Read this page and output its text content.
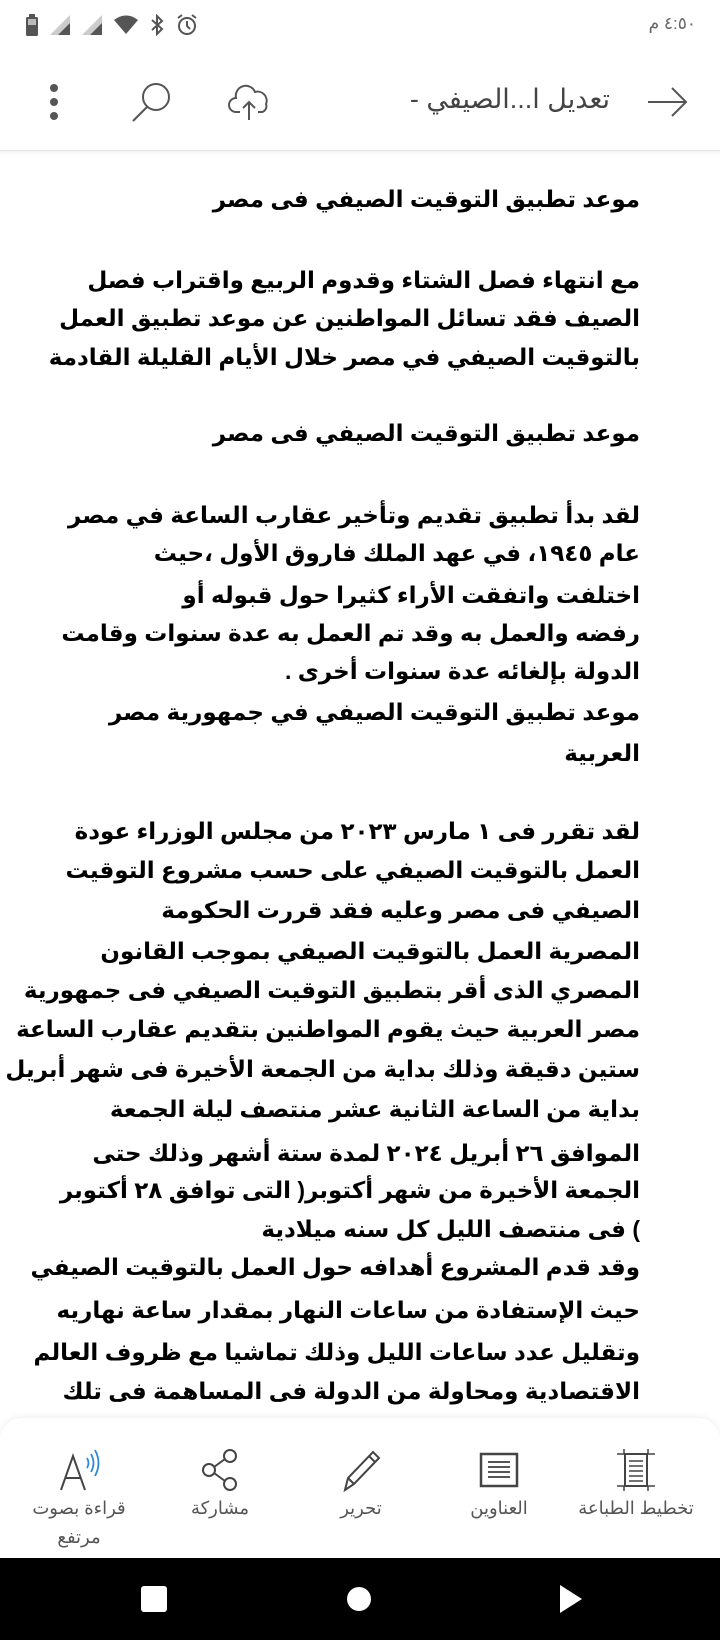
٤:٥٠ م
تعديل ا...الصيفي -
موعد تطبيق التوقيت الصيفي فى مصر
مع انتهاء فصل الشتاء وقدوم الربيع واقتراب فصل
الصيف فقد تسائل المواطنين عن موعد تطبيق العمل
بالتوقيت الصيفي في مصر خلال الأيام القليلة القادمة
موعد تطبيق التوقيت الصيفي فى مصر
لقد بدأ تطبيق تقديم وتأخير عقارب الساعة في مصر
عام ١٩٤٥، في عهد الملك فاروق الأول ،حيث
اختلفت واتفقت الأراء كثيرا حول قبوله أو
رفضه والعمل به وقد تم العمل به عدة سنوات وقامت
الدولة بإلغائه عدة سنوات أخرى .
موعد تطبيق التوقيت الصيفي في جمهورية مصر
العربية
لقد تقرر فى ١ مارس ٢٠٢٣ من مجلس الوزراء عودة
العمل بالتوقيت الصيفي على حسب مشروع التوقيت
الصيفي فى مصر وعليه فقد قررت الحكومة
المصرية العمل بالتوقيت الصيفي بموجب القانون
المصري الذى أقر بتطبيق التوقيت الصيفي فى جمهورية
مصر العربية حيث يقوم المواطنين بتقديم عقارب الساعة
ستين دقيقة وذلك بداية من الجمعة الأخيرة فى شهر أبريل
بداية من الساعة الثانية عشر منتصف ليلة الجمعة
الموافق ٢٦ أبريل ٢٠٢٤ لمدة ستة أشهر وذلك حتى
الجمعة الأخيرة من شهر أكتوبر( التى توافق ٢٨ أكتوبر
) فى منتصف الليل كل سنه ميلادية
وقد قدم المشروع أهدافه حول العمل بالتوقيت الصيفي
حيث الإستفادة من ساعات النهار بمقدار ساعة نهاريه
وتقليل عدد ساعات الليل وذلك تماشيا مع ظروف العالم
الاقتصادية ومحاولة من الدولة فى المساهمة فى تلك
تخطيط الطباعة
العناوين
تحرير
مشاركة
قراءة بصوت مرتفع
